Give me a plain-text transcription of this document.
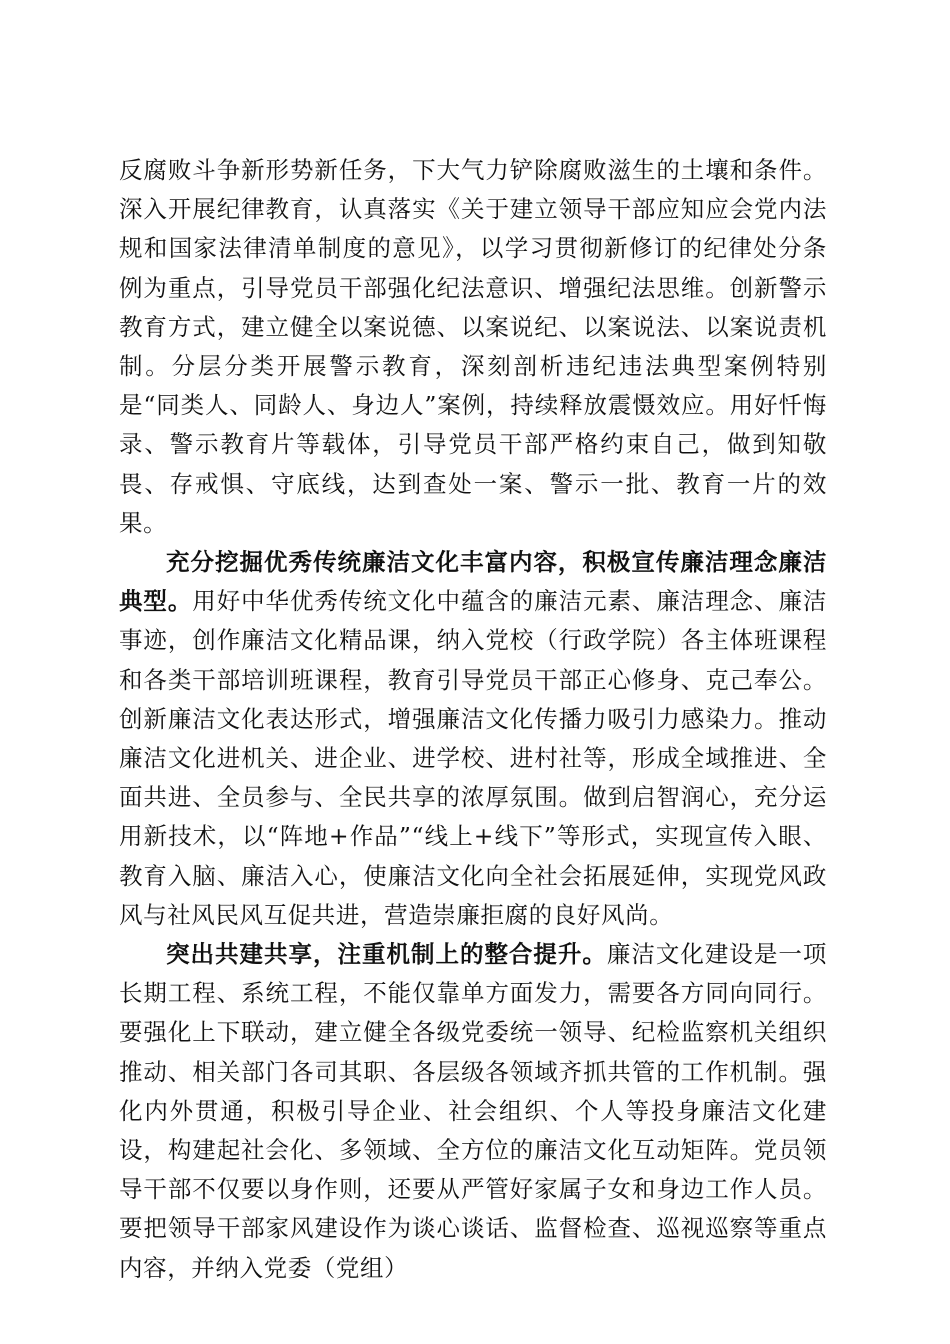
反腐败斗争新形势新任务，下大气力铲除腐败滋生的土壤和条件。深入开展纪律教育，认真落实《关于建立领导干部应知应会党内法规和国家法律清单制度的意见》，以学习贯彻新修订的纪律处分条例为重点，引导党员干部强化纪法意识、增强纪法思维。创新警示教育方式，建立健全以案说德、以案说纪、以案说法、以案说责机制。分层分类开展警示教育，深刻剖析违纪违法典型案例特别是“同类人、同龄人、身边人”案例，持续释放震慑效应。用好忏悔录、警示教育片等载体，引导党员干部严格约束自己，做到知敬畏、存戒惧、守底线，达到查处一案、警示一批、教育一片的效果。

充分挖掘优秀传统廉洁文化丰富内容，积极宣传廉洁理念廉洁典型。用好中华优秀传统文化中蕴含的廉洁元素、廉洁理念、廉洁事迹，创作廉洁文化精品课，纳入党校（行政学院）各主体班课程和各类干部培训班课程，教育引导党员干部正心修身、克己奉公。创新廉洁文化表达形式，增强廉洁文化传播力吸引力感染力。推动廉洁文化进机关、进企业、进学校、进村社等，形成全域推进、全面共进、全员参与、全民共享的浓厚氛围。做到启智润心，充分运用新技术，以“阵地+作品”“线上+线下”等形式，实现宣传入眼、教育入脑、廉洁入心，使廉洁文化向全社会拓展延伸，实现党风政风与社风民风互促共进，营造崇廉拒腐的良好风尚。

突出共建共享，注重机制上的整合提升。廉洁文化建设是一项长期工程、系统工程，不能仅靠单方面发力，需要各方同向同行。要强化上下联动，建立健全各级党委统一领导、纪检监察机关组织推动、相关部门各司其职、各层级各领域齐抓共管的工作机制。强化内外贯通，积极引导企业、社会组织、个人等投身廉洁文化建设，构建起社会化、多领域、全方位的廉洁文化互动矩阵。党员领导干部不仅要以身作则，还要从严管好家属子女和身边工作人员。要把领导干部家风建设作为谈心谈话、监督检查、巡视巡察等重点内容，并纳入党委（党组）
